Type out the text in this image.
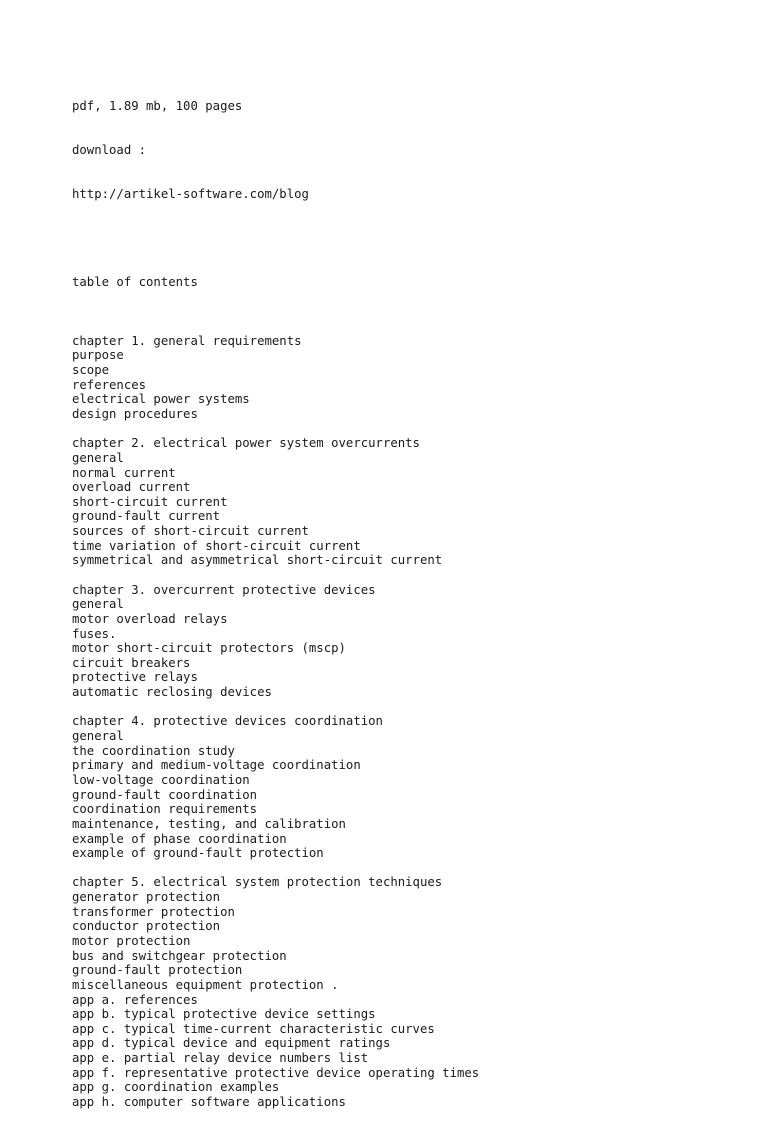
pdf, 1.89 mb, 100 pages

download :

http://artikel-software.com/blog

table of contents

chapter 1. general requirements
purpose
scope
references
electrical power systems
design procedures
chapter 2. electrical power system overcurrents
general
normal current
overload current
short-circuit current
ground-fault current
sources of short-circuit current
time variation of short-circuit current
symmetrical and asymmetrical short-circuit current
chapter 3. overcurrent protective devices
general
motor overload relays
fuses.
motor short-circuit protectors (mscp)
circuit breakers
protective relays
automatic reclosing devices
chapter 4. protective devices coordination
general
the coordination study
primary and medium-voltage coordination
low-voltage coordination
ground-fault coordination
coordination requirements
maintenance, testing, and calibration
example of phase coordination
example of ground-fault protection
chapter 5. electrical system protection techniques
generator protection
transformer protection
conductor protection
motor protection
bus and switchgear protection
ground-fault protection
miscellaneous equipment protection .
app a. references
app b. typical protective device settings
app c. typical time-current characteristic curves
app d. typical device and equipment ratings
app e. partial relay device numbers list
app f. representative protective device operating times
app g. coordination examples
app h. computer software applications
